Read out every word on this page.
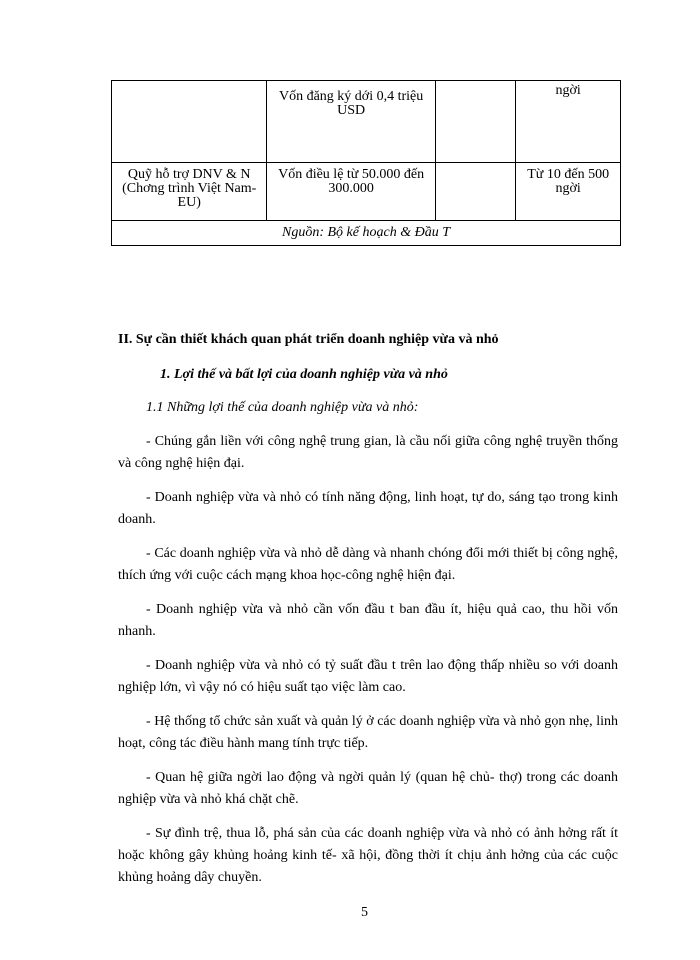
	Vốn đăng ký dới 0,4 triệu USD		ngời
Quỹ hỗ trợ DNV & N (Chơng trình Việt Nam- EU)	Vốn điều lệ từ 50.000 đến 300.000		Từ 10 đến 500 ngời
Nguồn: Bộ kế hoạch & Đầu T			
II. Sự cần thiết khách quan phát triển doanh nghiệp vừa và nhỏ
1. Lợi thế và bất lợi của doanh nghiệp vừa và nhỏ
1.1 Những lợi thế của doanh nghiệp vừa và nhỏ:

- Chúng gắn liền với công nghệ trung gian, là cầu nối giữa công nghệ truyền thống và công nghệ hiện đại.

- Doanh nghiệp vừa và nhỏ có tính năng động, linh hoạt, tự do, sáng tạo trong kinh doanh.

- Các doanh nghiệp vừa và nhỏ dễ dàng và nhanh chóng đổi mới thiết bị công nghệ, thích ứng với cuộc cách mạng khoa học-công nghệ hiện đại.

- Doanh nghiệp vừa và nhỏ cần vốn đầu t ban đầu ít, hiệu quả cao, thu hồi vốn nhanh.

- Doanh nghiệp vừa và nhỏ có tỷ suất đầu t trên lao động thấp nhiều so với doanh nghiệp lớn, vì vậy nó có hiệu suất tạo việc làm cao.

- Hệ thống tổ chức sản xuất và quản lý ở các doanh nghiệp vừa và nhỏ gọn nhẹ, linh hoạt, công tác điều hành mang tính trực tiếp.

- Quan hệ giữa ngời lao động và ngời quản lý (quan hệ chủ- thợ) trong các doanh nghiệp vừa và nhỏ khá chặt chẽ.

- Sự đình trệ, thua lỗ, phá sản của các doanh nghiệp vừa và nhỏ có ảnh hởng rất ít hoặc không gây khủng hoảng kinh tế- xã hội, đồng thời ít chịu ảnh hởng của các cuộc khủng hoảng dây chuyền.

5
